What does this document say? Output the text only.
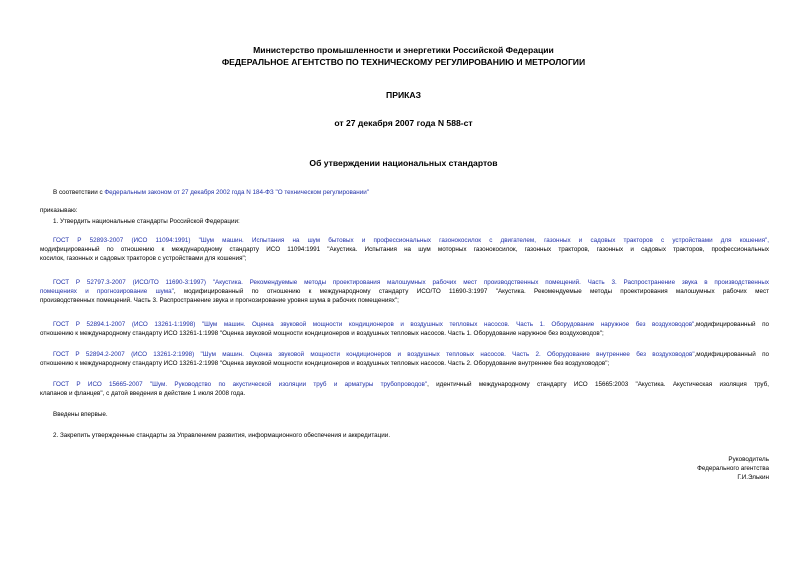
Министерство промышленности и энергетики Российской Федерации
ФЕДЕРАЛЬНОЕ АГЕНТСТВО ПО ТЕХНИЧЕСКОМУ РЕГУЛИРОВАНИЮ И МЕТРОЛОГИИ
ПРИКАЗ
от 27 декабря 2007 года N 588-ст
Об утверждении национальных стандартов
В соответствии с Федеральным законом от 27 декабря 2002 года N 184-ФЗ "О техническом регулировании"
приказываю:
1. Утвердить национальные стандарты Российской Федерации:
ГОСТ Р 52893-2007 (ИСО 11094:1991) "Шум машин. Испытания на шум бытовых и профессиональных газонокосилок с двигателем, газонных и садовых тракторов с устройствами для кошения",
модифицированный по отношению к международному стандарту ИСО 11094:1991 "Акустика. Испытания на шум моторных газонокосилок, газонных тракторов, газонных и садовых тракторов, профессиональных
косилок, газонных и садовых тракторов с устройствами для кошения";
ГОСТ Р 52797.3-2007 (ИСО/ТО 11690-3:1997) "Акустика. Рекомендуемые методы проектирования малошумных рабочих мест производственных помещений. Часть 3. Распространение звука в производственных
помещениях и прогнозирование шума", модифицированный по отношению к международному стандарту ИСО/ТО 11690-3:1997 "Акустика. Рекомендуемые методы проектирования малошумных рабочих мест
производственных помещений. Часть 3. Распространение звука и прогнозирование уровня шума в рабочих помещениях";
ГОСТ Р 52894.1-2007 (ИСО 13261-1:1998) "Шум машин. Оценка звуковой мощности кондиционеров и воздушных тепловых насосов. Часть 1. Оборудование наружное без воздуховодов",модифицированный по
отношению к международному стандарту ИСО 13261-1:1998 "Оценка звуковой мощности кондиционеров и воздушных тепловых насосов. Часть 1. Оборудование наружное без воздуховодов";
ГОСТ Р 52894.2-2007 (ИСО 13261-2:1998) "Шум машин. Оценка звуковой мощности кондиционеров и воздушных тепловых насосов. Часть 2. Оборудование внутреннее без воздуховодов",модифицированный по
отношению к международному стандарту ИСО 13261-2:1998 "Оценка звуковой мощности кондиционеров и воздушных тепловых насосов. Часть 2. Оборудование внутреннее без воздуховодов";
ГОСТ Р ИСО 15665-2007 "Шум. Руководство по акустической изоляции труб и арматуры трубопроводов", идентичный международному стандарту ИСО 15665:2003 "Акустика. Акустическая изоляция труб,
клапанов и фланцев", с датой введения в действие 1 июля 2008 года.
Введены впервые.
2. Закрепить утвержденные стандарты за Управлением развития, информационного обеспечения и аккредитации.
Руководитель
Федерального агентства
Г.И.Элькин
